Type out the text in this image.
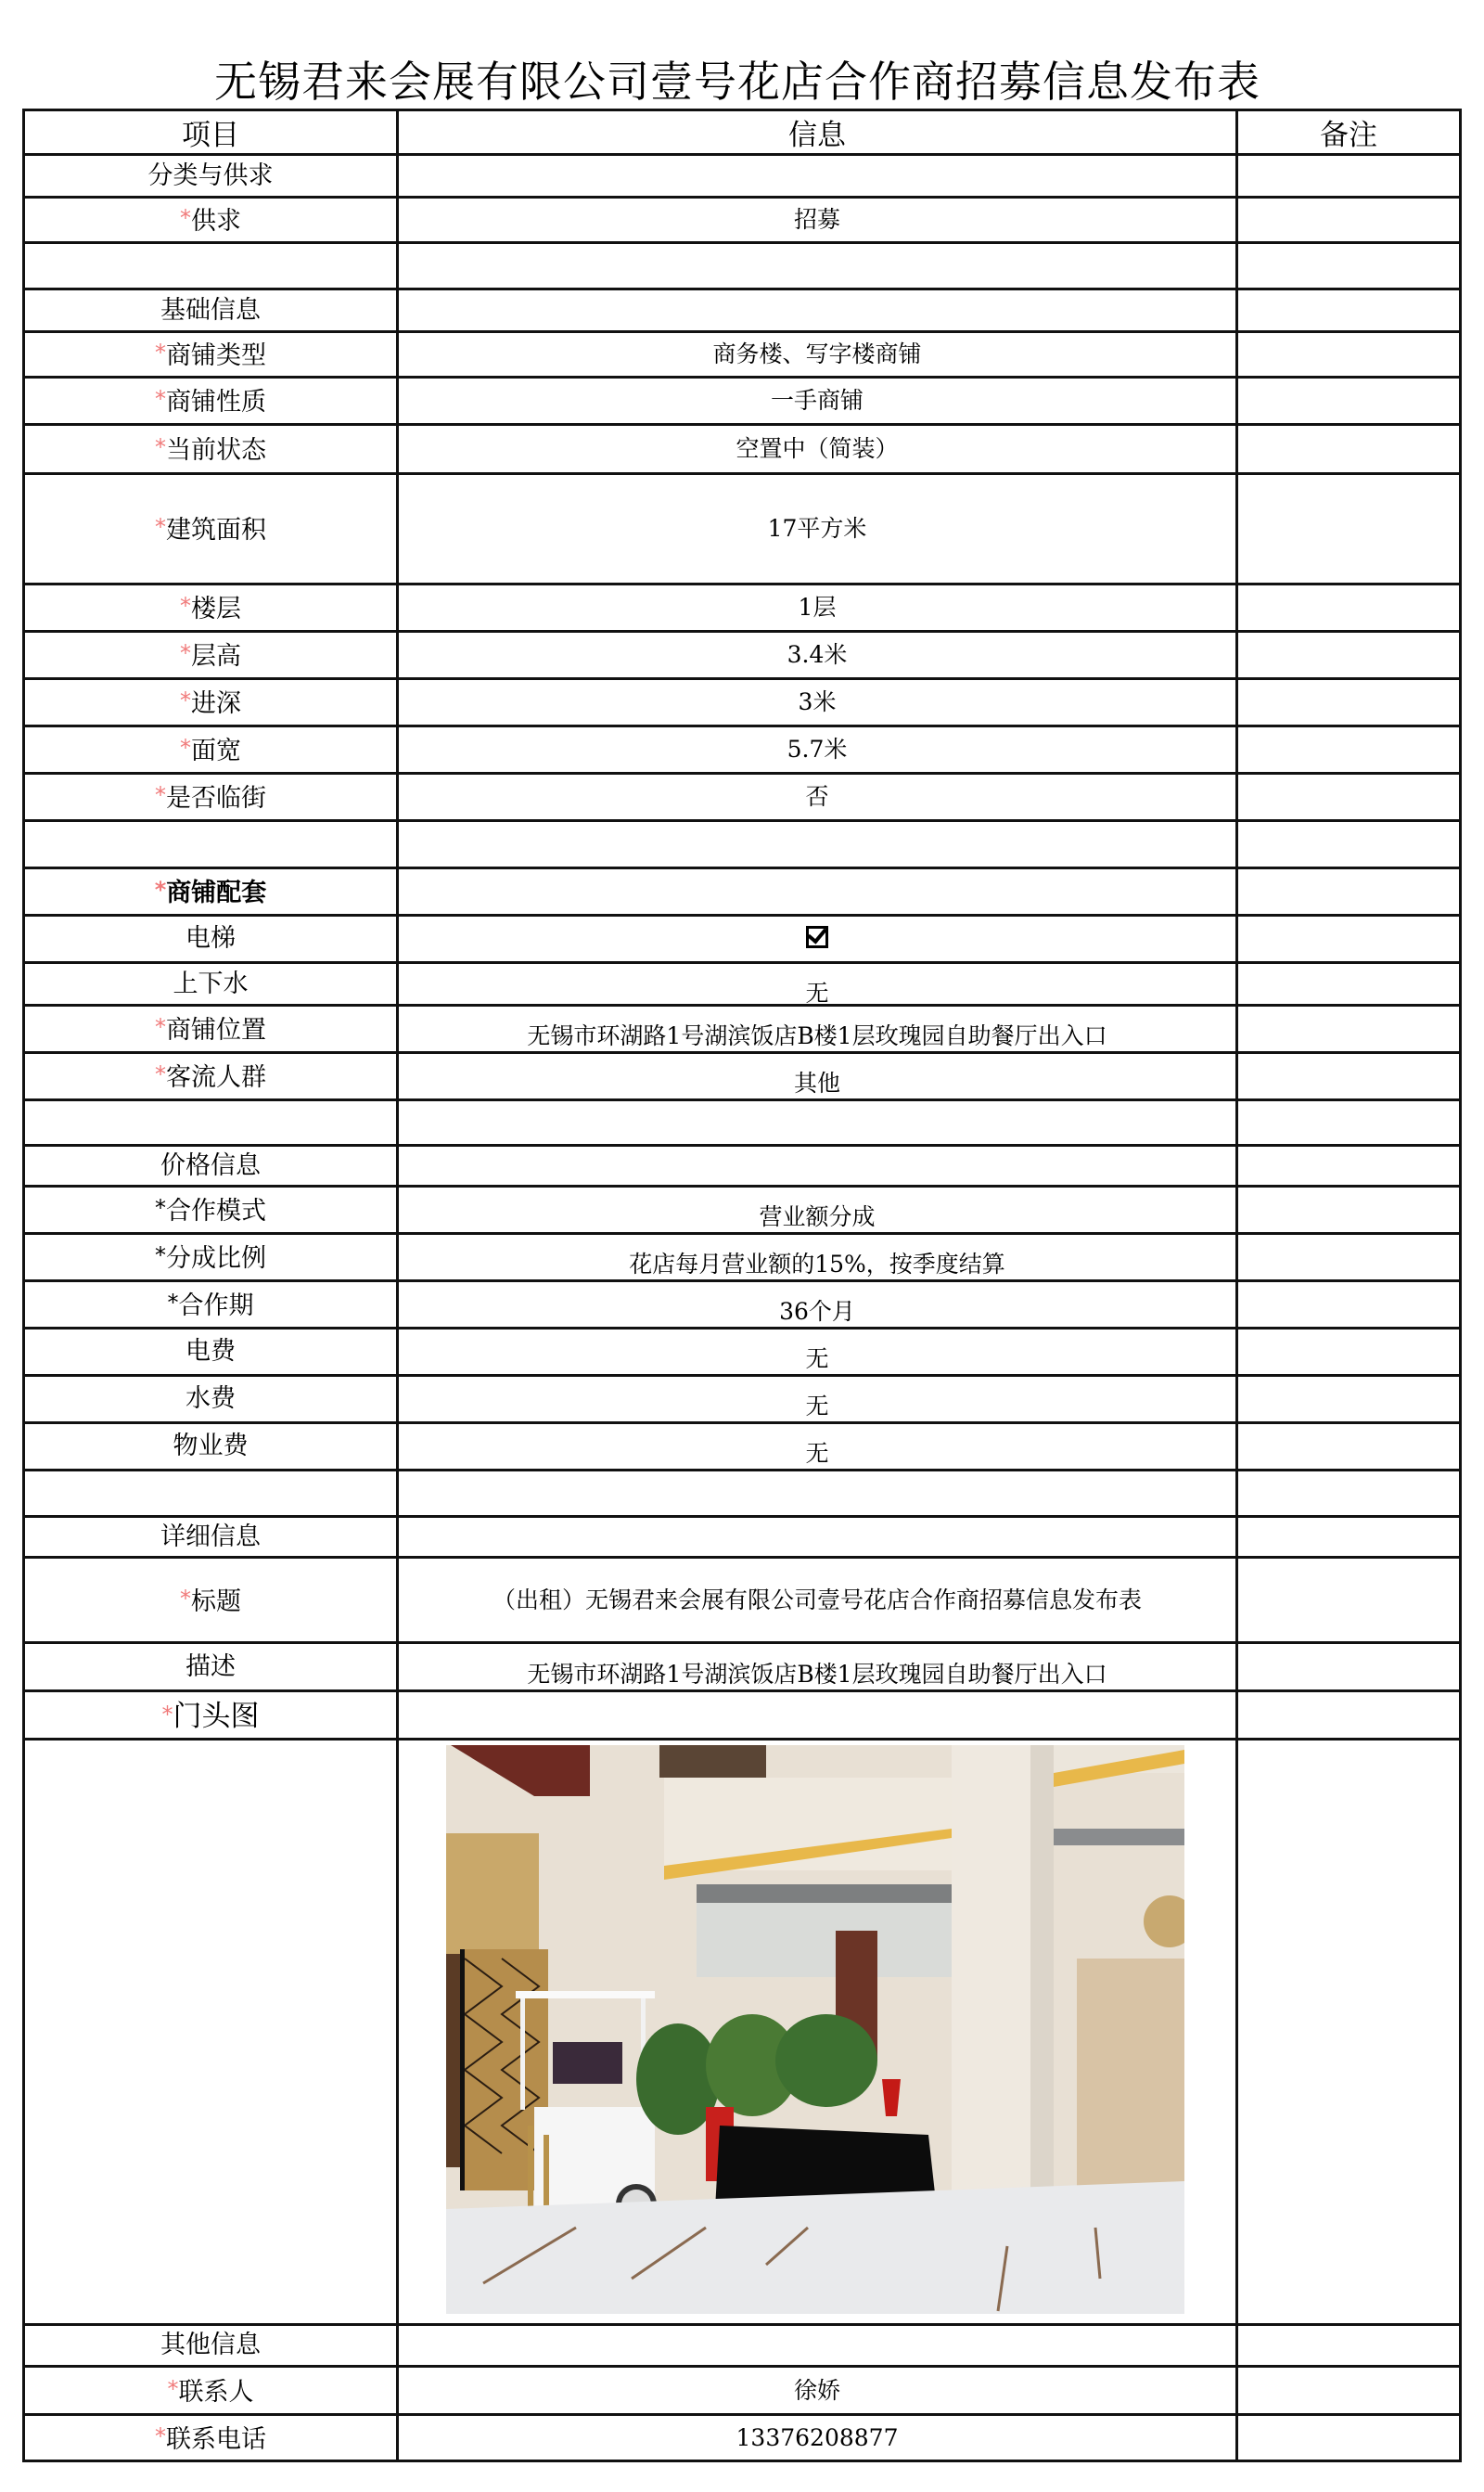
无锡君来会展有限公司壹号花店合作商招募信息发布表
项目	信息	备注
分类与供求		
*供求	招募	

基础信息		
*商铺类型	商务楼、写字楼商铺	
*商铺性质	一手商铺	
*当前状态	空置中（简装）	
*建筑面积	17平方米	
*楼层	1层	
*层高	3.4米	
*进深	3米	
*面宽	5.7米	
*是否临街	否	

*商铺配套		
电梯		
上下水	无	
*商铺位置	无锡市环湖路1号湖滨饭店B楼1层玫瑰园自助餐厅出入口	
*客流人群	其他	

价格信息		
*合作模式	营业额分成	
*分成比例	花店每月营业额的15%，按季度结算	
*合作期	36个月	
电费	无	
水费	无	
物业费	无	

详细信息		
*标题	（出租）无锡君来会展有限公司壹号花店合作商招募信息发布表	
描述	无锡市环湖路1号湖滨饭店B楼1层玫瑰园自助餐厅出入口	
*门头图		

其他信息		
*联系人	徐娇	
*联系电话	13376208877	
